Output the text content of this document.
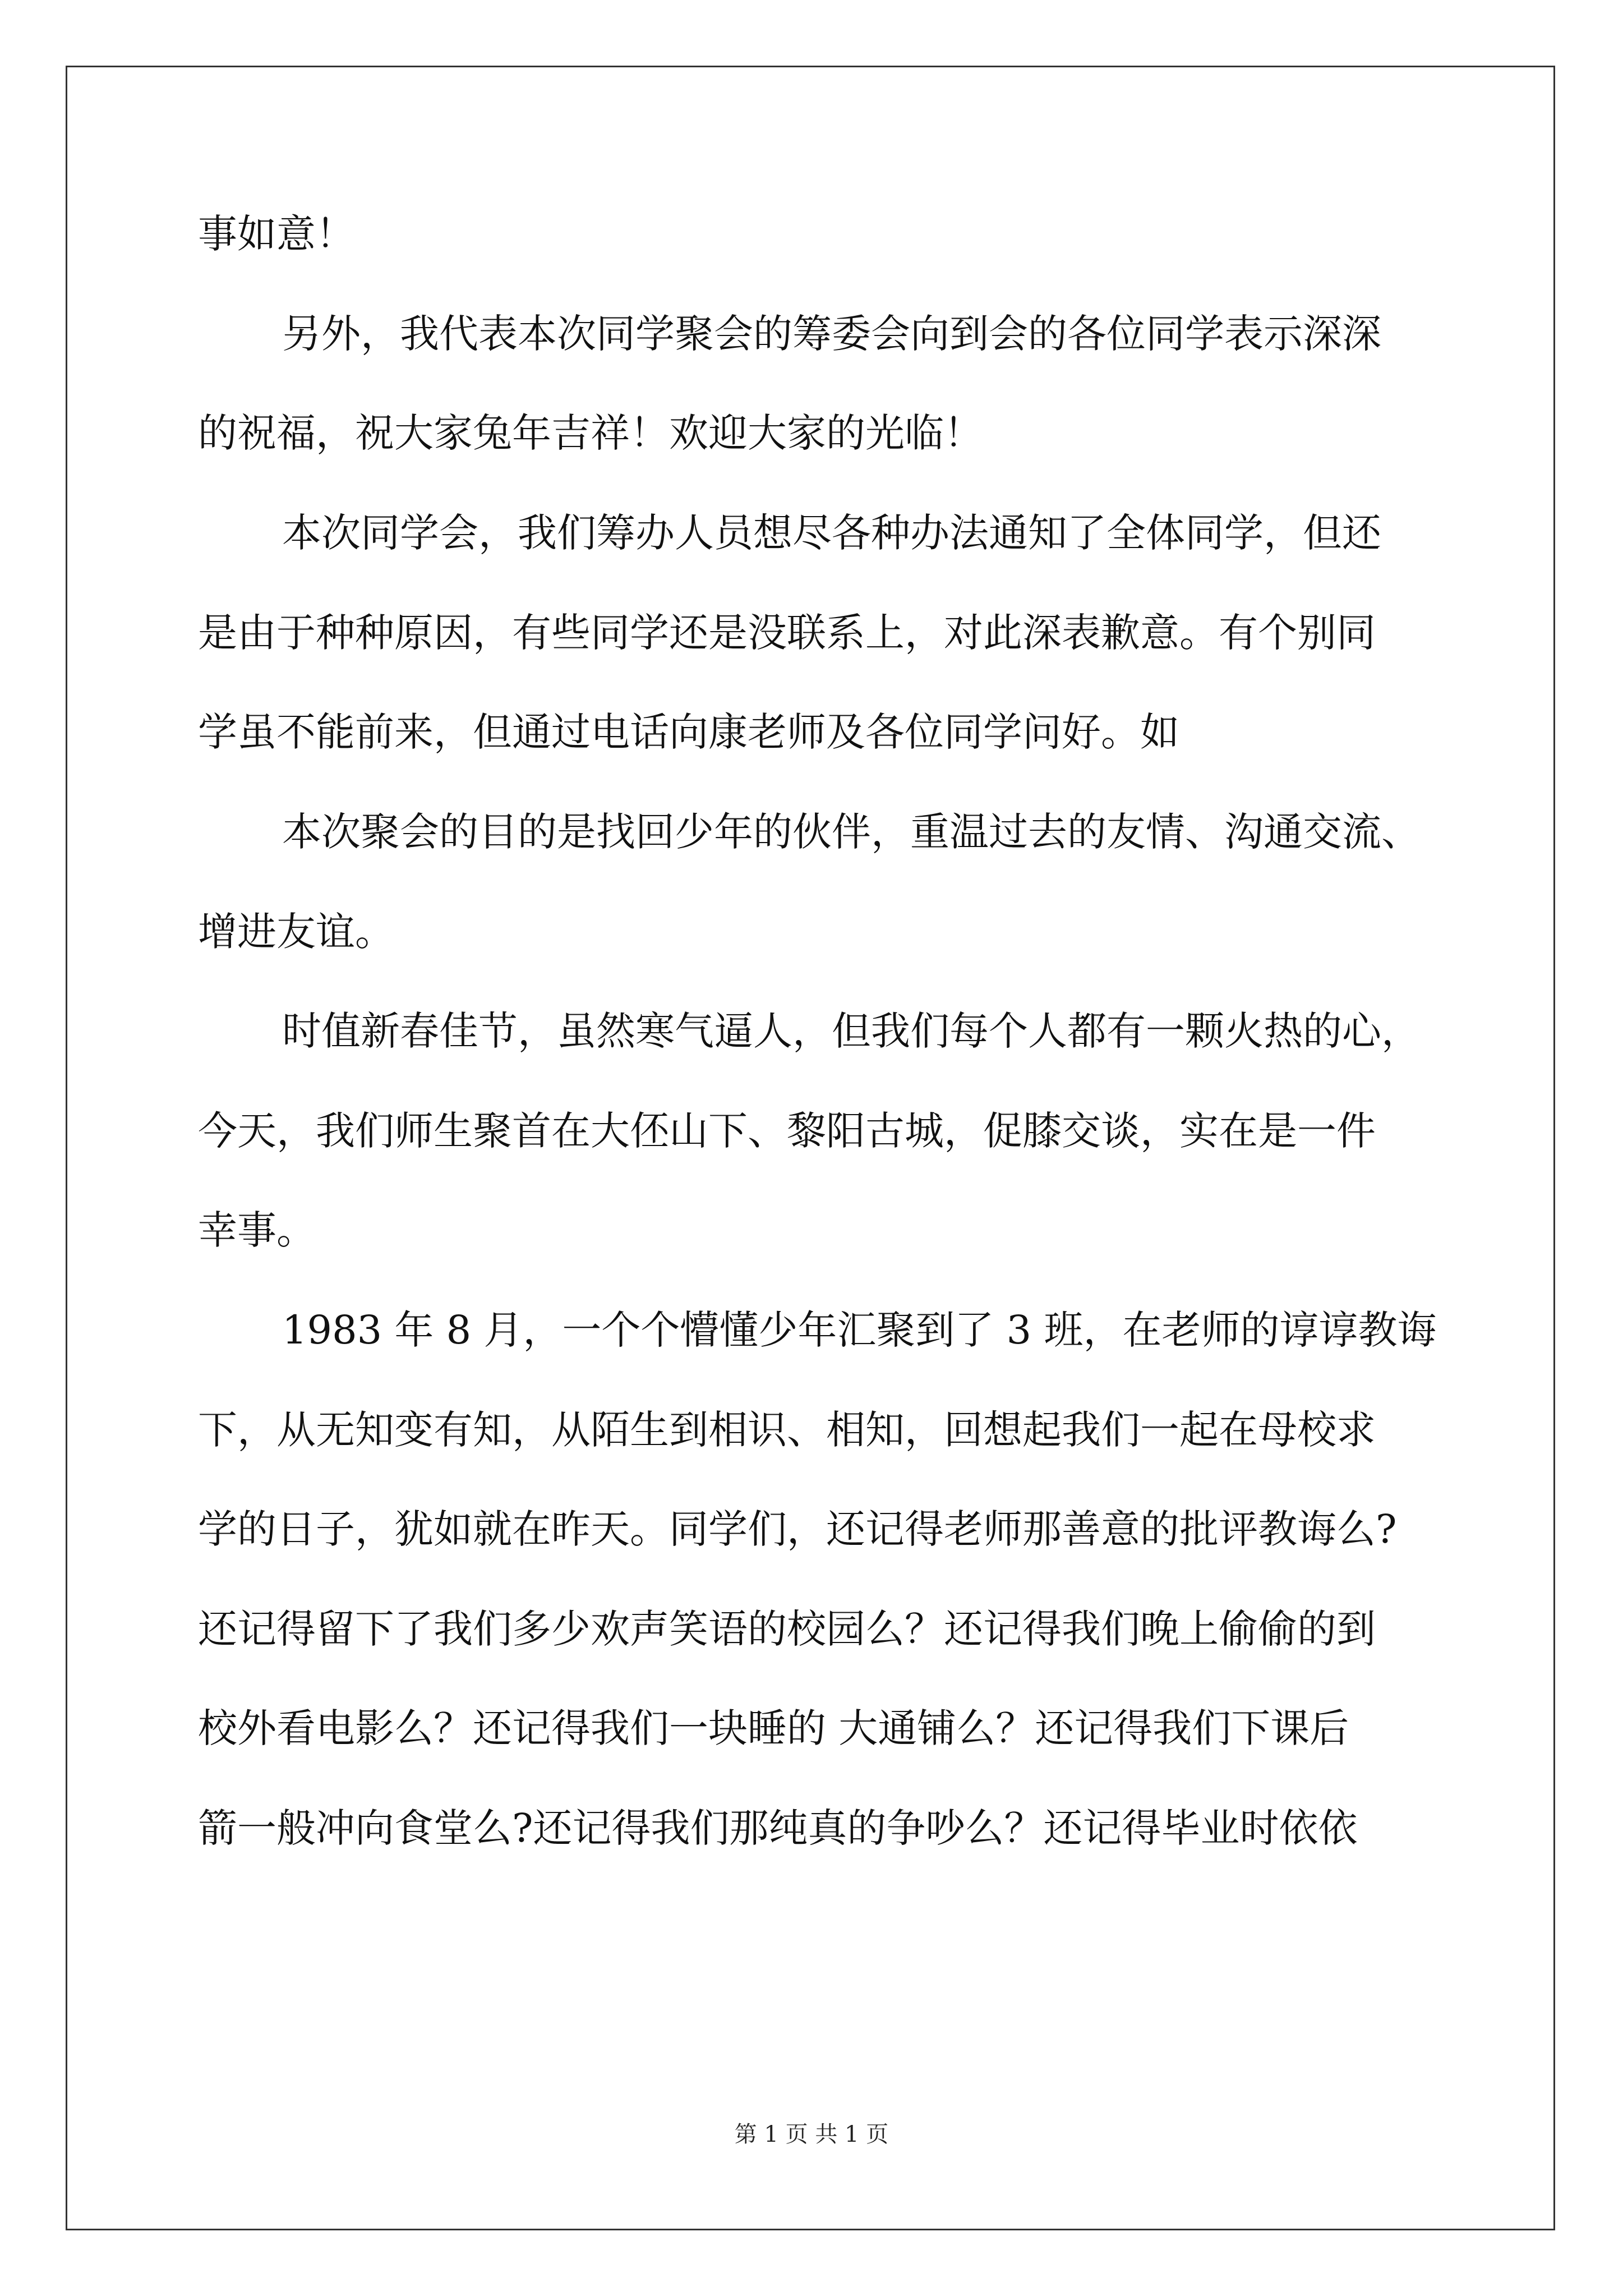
事如意！
另外，我代表本次同学聚会的筹委会向到会的各位同学表示深深
的祝福，祝大家兔年吉祥！欢迎大家的光临！
本次同学会，我们筹办人员想尽各种办法通知了全体同学，但还
是由于种种原因，有些同学还是没联系上，对此深表歉意。有个别同
学虽不能前来，但通过电话向康老师及各位同学问好。如
本次聚会的目的是找回少年的伙伴，重温过去的友情、沟通交流、
增进友谊。
时值新春佳节，虽然寒气逼人，但我们每个人都有一颗火热的心，
今天，我们师生聚首在大伾山下、黎阳古城，促膝交谈，实在是一件
幸事。
1983 年 8 月，一个个懵懂少年汇聚到了 3 班，在老师的谆谆教诲
下，从无知变有知，从陌生到相识、相知，回想起我们一起在母校求
学的日子，犹如就在昨天。同学们，还记得老师那善意的批评教诲么?
还记得留下了我们多少欢声笑语的校园么？还记得我们晚上偷偷的到
校外看电影么？还记得我们一块睡的 大通铺么？还记得我们下课后
箭一般冲向食堂么?还记得我们那纯真的争吵么？还记得毕业时依依
第 1 页 共 1 页
